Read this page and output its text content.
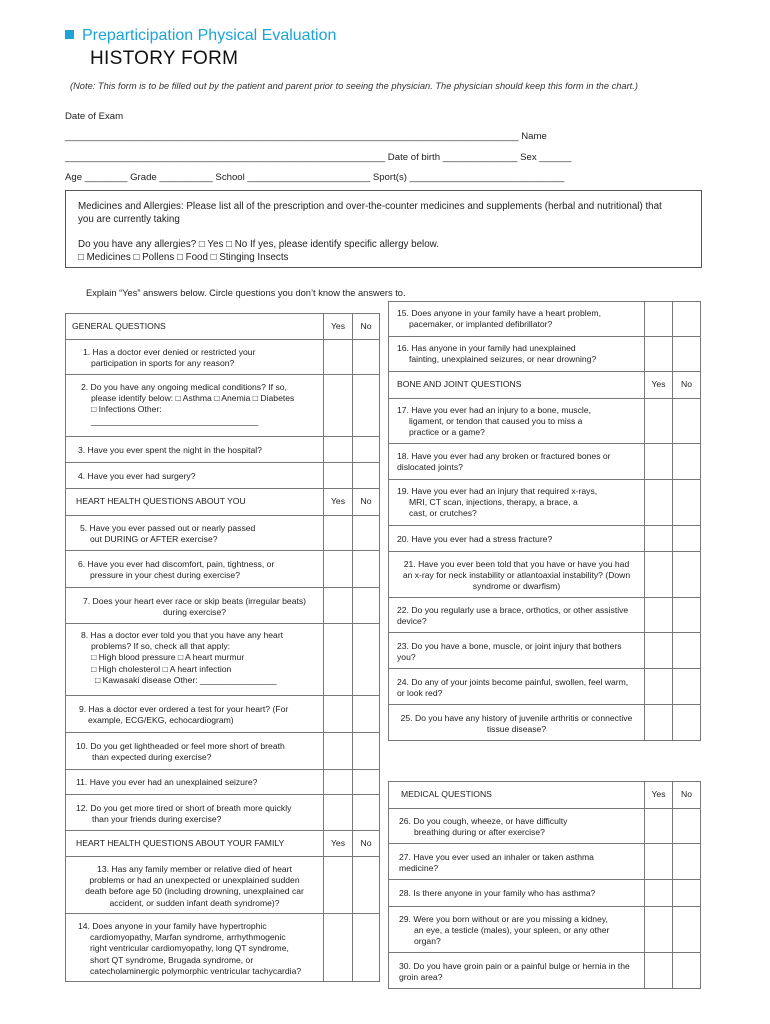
Preparticipation Physical Evaluation
HISTORY FORM
(Note: This form is to be filled out by the patient and parent prior to seeing the physician. The physician should keep this form in the chart.)
Date of Exam
_____________________________________________________________________________________ Name
____________________________________________________________ Date of birth ______________ Sex ______
Age ________ Grade __________ School _______________________ Sport(s) _____________________________

Medicines and Allergies: Please list all of the prescription and over-the-counter medicines and supplements (herbal and nutritional) that

you are currently taking

Do you have any allergies? □ Yes □ No If yes, please identify specific allergy below.

□ Medicines □ Pollens □ Food □ Stinging Insects

Explain “Yes” answers below. Circle questions you don’t know the answers to.
GENERAL QUESTIONS	Yes	No
1. Has a doctor ever denied or restricted your
participation in sports for any reason?
2. Do you have any ongoing medical conditions? If so,
please identify below: □ Asthma □ Anemia □ Diabetes
□ Infections Other:
___________________________________
3. Have you ever spent the night in the hospital?
4. Have you ever had surgery?
HEART HEALTH QUESTIONS ABOUT YOU	Yes	No
5. Have you ever passed out or nearly passed
out DURING or AFTER exercise?
6. Have you ever had discomfort, pain, tightness, or
pressure in your chest during exercise?
7. Does your heart ever race or skip beats (irregular beats)
during exercise?
8. Has a doctor ever told you that you have any heart
problems? If so, check all that apply:
□ High blood pressure □ A heart murmur
□ High cholesterol □ A heart infection
□ Kawasaki disease Other: ________________
9. Has a doctor ever ordered a test for your heart? (For
example, ECG/EKG, echocardiogram)
10. Do you get lightheaded or feel more short of breath
than expected during exercise?
11. Have you ever had an unexplained seizure?
12. Do you get more tired or short of breath more quickly
than your friends during exercise?
HEART HEALTH QUESTIONS ABOUT YOUR FAMILY	Yes	No
13. Has any family member or relative died of heart
problems or had an unexpected or unexplained sudden
death before age 50 (including drowning, unexplained car
accident, or sudden infant death syndrome)?
14. Does anyone in your family have hypertrophic
cardiomyopathy, Marfan syndrome, arrhythmogenic
right ventricular cardiomyopathy, long QT syndrome,
short QT syndrome, Brugada syndrome, or
catecholaminergic polymorphic ventricular tachycardia?
15. Does anyone in your family have a heart problem,
pacemaker, or implanted defibrillator?
16. Has anyone in your family had unexplained
fainting, unexplained seizures, or near drowning?
BONE AND JOINT QUESTIONS	Yes	No
17. Have you ever had an injury to a bone, muscle,
ligament, or tendon that caused you to miss a
practice or a game?
18. Have you ever had any broken or fractured bones or
dislocated joints?
19. Have you ever had an injury that required x-rays,
MRI, CT scan, injections, therapy, a brace, a
cast, or crutches?
20. Have you ever had a stress fracture?
21. Have you ever been told that you have or have you had
an x-ray for neck instability or atlantoaxial instability? (Down
syndrome or dwarfism)
22. Do you regularly use a brace, orthotics, or other assistive
device?
23. Do you have a bone, muscle, or joint injury that bothers
you?
24. Do any of your joints become painful, swollen, feel warm,
or look red?
25. Do you have any history of juvenile arthritis or connective
tissue disease?
MEDICAL QUESTIONS	Yes	No
26. Do you cough, wheeze, or have difficulty
breathing during or after exercise?
27. Have you ever used an inhaler or taken asthma
medicine?
28. Is there anyone in your family who has asthma?
29. Were you born without or are you missing a kidney,
an eye, a testicle (males), your spleen, or any other
organ?
30. Do you have groin pain or a painful bulge or hernia in the
groin area?
